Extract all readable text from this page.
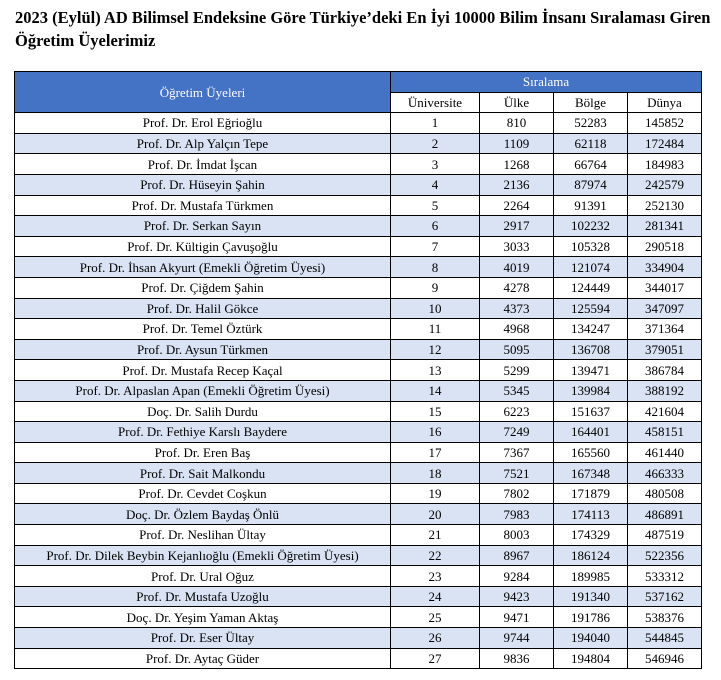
2023 (Eylül) AD Bilimsel Endeksine Göre Türkiye’deki En İyi 10000 Bilim İnsanı Sıralaması Giren Öğretim Üyelerimiz
Öğretim Üyeleri	Sıralama			
	Üniversite	Ülke	Bölge	Dünya
Prof. Dr. Erol Eğrioğlu	1	810	52283	145852
Prof. Dr. Alp Yalçın Tepe	2	1109	62118	172484
Prof. Dr. İmdat İşcan	3	1268	66764	184983
Prof. Dr. Hüseyin Şahin	4	2136	87974	242579
Prof. Dr. Mustafa Türkmen	5	2264	91391	252130
Prof. Dr. Serkan Sayın	6	2917	102232	281341
Prof. Dr. Kültigin Çavuşoğlu	7	3033	105328	290518
Prof. Dr. İhsan Akyurt (Emekli Öğretim Üyesi)	8	4019	121074	334904
Prof. Dr. Çiğdem Şahin	9	4278	124449	344017
Prof. Dr. Halil Gökce	10	4373	125594	347097
Prof. Dr. Temel Öztürk	11	4968	134247	371364
Prof. Dr. Aysun Türkmen	12	5095	136708	379051
Prof. Dr. Mustafa Recep Kaçal	13	5299	139471	386784
Prof. Dr. Alpaslan Apan (Emekli Öğretim Üyesi)	14	5345	139984	388192
Doç. Dr. Salih Durdu	15	6223	151637	421604
Prof. Dr. Fethiye Karslı Baydere	16	7249	164401	458151
Prof. Dr. Eren Baş	17	7367	165560	461440
Prof. Dr. Sait Malkondu	18	7521	167348	466333
Prof. Dr. Cevdet Coşkun	19	7802	171879	480508
Doç. Dr. Özlem Baydaş Önlü	20	7983	174113	486891
Prof. Dr. Neslihan Ültay	21	8003	174329	487519
Prof. Dr. Dilek Beybin Kejanlıoğlu (Emekli Öğretim Üyesi)	22	8967	186124	522356
Prof. Dr. Ural Oğuz	23	9284	189985	533312
Prof. Dr. Mustafa Uzoğlu	24	9423	191340	537162
Doç. Dr. Yeşim Yaman Aktaş	25	9471	191786	538376
Prof. Dr. Eser Ültay	26	9744	194040	544845
Prof. Dr. Aytaç Güder	27	9836	194804	546946
